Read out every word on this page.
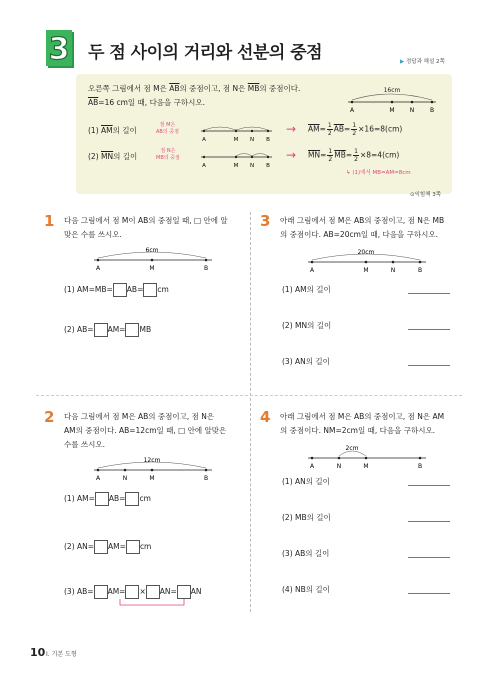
3 두 점 사이의 거리와 선분의 중점	▶ 정답과 해설 2쪽
오른쪽 그림에서 점 M은 $\overline{AB}$의 중점이고, 점 N은 $\overline{MB}$의 중점이다.
$\overline{AB}=16$ cm일 때, 다음을 구하시오.
16cm
A	M	N	B
(1) $\overline{AM}$의 길이
점 M은
AB의 중점
A	M N B
→ $\overline{AM}= \frac{1}{2} \overline{AB}= \frac{1}{2} \times 16=8(cm)$
(2) $\overline{MN}$의 길이
점 N은
MB의 중점
A	M N B
→ $\overline{MN}= \frac{1}{2} \overline{MB}= \frac{1}{2} \times 8=4(cm)$
↳ (1)에서 MB=AM=8cm
⊙익힘책 3쪽
1 다음 그림에서 점 M이 AB의 중점일 때, □ 안에 알
맞은 수를 쓰시오.
6cm
A	M	B
(1) AM=MB= AB= cm
(2) AB= AM= MB
2 다음 그림에서 점 M은 AB의 중점이고, 점 N은
AM의 중점이다. AB=12cm일 때, □ 안에 알맞은
수를 쓰시오.
12cm
A	N	M	B
(1) AM= AB= cm
(2) AN= AM= cm
(3) AB= AM= × AN= AN
3 아래 그림에서 점 M은 AB의 중점이고, 점 N은 MB
의 중점이다. AB=20cm일 때, 다음을 구하시오.
20cm
A	M	N	B
(1) AM의 길이
(2) MN의 길이
(3) AN의 길이
4 아래 그림에서 점 M은 AB의 중점이고, 점 N은 AM
의 중점이다. NM=2cm일 때, 다음을 구하시오.
2cm
A	N	M	B
(1) AN의 길이
(2) MB의 길이
(3) AB의 길이
(4) NB의 길이
10 I. 기본 도형
